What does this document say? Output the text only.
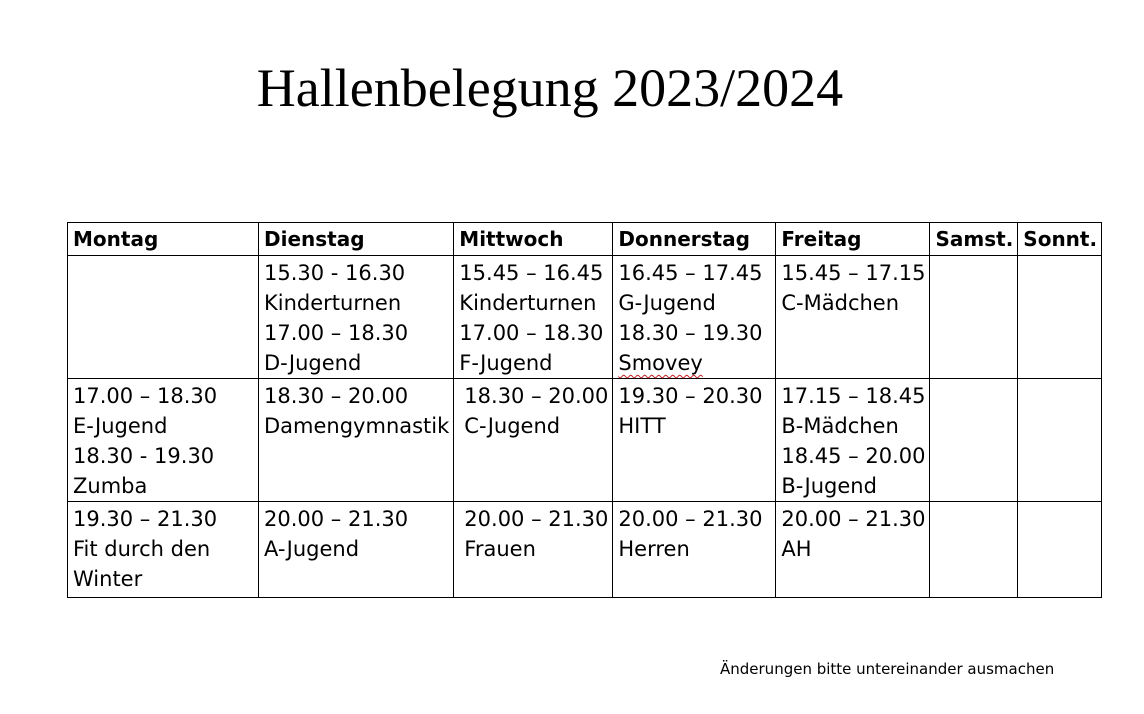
Hallenbelegung 2023/2024
Montag	Dienstag	Mittwoch	Donnerstag	Freitag	Samst.	Sonnt.

	15.30 - 16.30
Kinderturnen
17.00 – 18.30
D-Jugend	15.45 – 16.45
Kinderturnen
17.00 – 18.30
F-Jugend	16.45 – 17.45
G-Jugend
18.30 – 19.30
Smovey	15.45 – 17.15
C-Mädchen		

17.00 – 18.30
E-Jugend
18.30 - 19.30
Zumba	18.30 – 20.00
Damengymnastik	18.30 – 20.00
C-Jugend	19.30 – 20.30
HITT	17.15 – 18.45
B-Mädchen
18.45 – 20.00
B-Jugend		

19.30 – 21.30
Fit durch den
Winter	20.00 – 21.30
A-Jugend	20.00 – 21.30
Frauen	20.00 – 21.30
Herren	20.00 – 21.30
AH		

Änderungen bitte untereinander ausmachen
